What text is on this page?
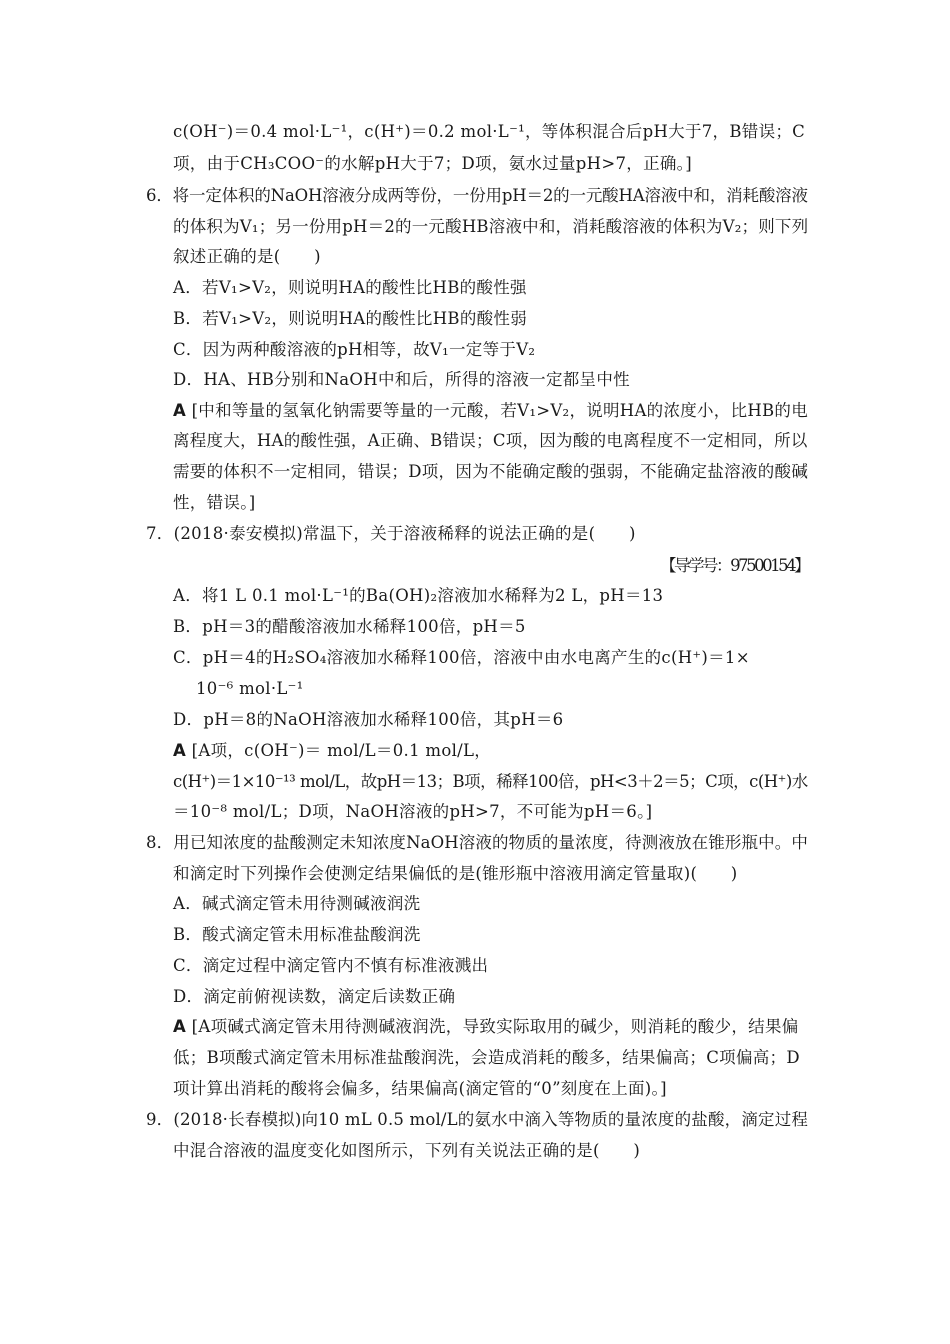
c(OH⁻)＝0.4 mol·L⁻¹，c(H⁺)＝0.2 mol·L⁻¹，等体积混合后pH大于7，B错误；C
项，由于CH₃COO⁻的水解pH大于7；D项，氨水过量pH>7，正确。]
6．将一定体积的NaOH溶液分成两等份，一份用pH＝2的一元酸HA溶液中和，消耗酸溶液
的体积为V₁；另一份用pH＝2的一元酸HB溶液中和，消耗酸溶液的体积为V₂；则下列
叙述正确的是(　　)
A．若V₁>V₂，则说明HA的酸性比HB的酸性强
B．若V₁>V₂，则说明HA的酸性比HB的酸性弱
C．因为两种酸溶液的pH相等，故V₁一定等于V₂
D．HA、HB分别和NaOH中和后，所得的溶液一定都呈中性
A [中和等量的氢氧化钠需要等量的一元酸，若V₁>V₂，说明HA的浓度小，比HB的电
离程度大，HA的酸性强，A正确、B错误；C项，因为酸的电离程度不一定相同，所以
需要的体积不一定相同，错误；D项，因为不能确定酸的强弱，不能确定盐溶液的酸碱
性，错误。]
7．(2018·泰安模拟)常温下，关于溶液稀释的说法正确的是(　　)
【导学号：97500154】
A．将1 L 0.1 mol·L⁻¹的Ba(OH)₂溶液加水稀释为2 L，pH＝13
B．pH＝3的醋酸溶液加水稀释100倍，pH＝5
C．pH＝4的H₂SO₄溶液加水稀释100倍，溶液中由水电离产生的c(H⁺)＝1×
10⁻⁶ mol·L⁻¹
D．pH＝8的NaOH溶液加水稀释100倍，其pH＝6
A [A项，c(OH⁻)＝ mol/L＝0.1 mol/L，
c(H⁺)＝1×10⁻¹³ mol/L，故pH＝13；B项，稀释100倍，pH<3＋2＝5；C项，c(H⁺)水
＝10⁻⁸ mol/L；D项，NaOH溶液的pH>7，不可能为pH＝6。]
8．用已知浓度的盐酸测定未知浓度NaOH溶液的物质的量浓度，待测液放在锥形瓶中。中
和滴定时下列操作会使测定结果偏低的是(锥形瓶中溶液用滴定管量取)(　　)
A．碱式滴定管未用待测碱液润洗
B．酸式滴定管未用标准盐酸润洗
C．滴定过程中滴定管内不慎有标准液溅出
D．滴定前俯视读数，滴定后读数正确
A [A项碱式滴定管未用待测碱液润洗，导致实际取用的碱少，则消耗的酸少，结果偏
低；B项酸式滴定管未用标准盐酸润洗，会造成消耗的酸多，结果偏高；C项偏高；D
项计算出消耗的酸将会偏多，结果偏高(滴定管的“0”刻度在上面)。]
9．(2018·长春模拟)向10 mL 0.5 mol/L的氨水中滴入等物质的量浓度的盐酸，滴定过程
中混合溶液的温度变化如图所示，下列有关说法正确的是(　　)
